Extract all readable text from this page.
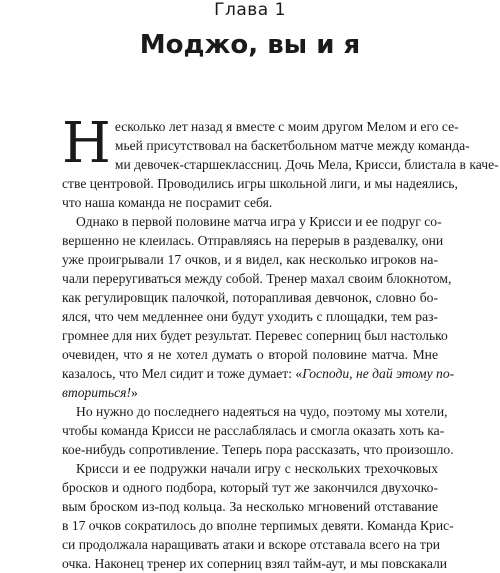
Глава 1
Моджо, вы и я
Н есколько лет назад я вместе с моим другом Мелом и его се-
мьей присутствовал на баскетбольном матче между команда-
ми девочек-старшеклассниц. Дочь Мела, Крисси, блистала в каче-
стве центровой. Проводились игры школьной лиги, и мы надеялись,
что наша команда не посрамит себя.
Однако в первой половине матча игра у Крисси и ее подруг со-
вершенно не клеилась. Отправляясь на перерыв в раздевалку, они
уже проигрывали 17 очков, и я видел, как несколько игроков на-
чали переругиваться между собой. Тренер махал своим блокнотом,
как регулировщик палочкой, поторапливая девчонок, словно бо-
ялся, что чем медленнее они будут уходить с площадки, тем раз-
громнее для них будет результат. Перевес соперниц был настолько
очевиден, что я не хотел думать о второй половине матча. Мне
казалось, что Мел сидит и тоже думает: «Господи, не дай этому по-
вториться!»
Но нужно до последнего надеяться на чудо, поэтому мы хотели,
чтобы команда Крисси не расслаблялась и смогла оказать хоть ка-
кое-нибудь сопротивление. Теперь пора рассказать, что произошло.
Крисси и ее подружки начали игру с нескольких трехочковых
бросков и одного подбора, который тут же закончился двухочко-
вым броском из-под кольца. За несколько мгновений отставание
в 17 очков сократилось до вполне терпимых девяти. Команда Крис-
си продолжала наращивать атаки и вскоре отставала всего на три
очка. Наконец тренер их соперниц взял тайм-аут, и мы повскакали
